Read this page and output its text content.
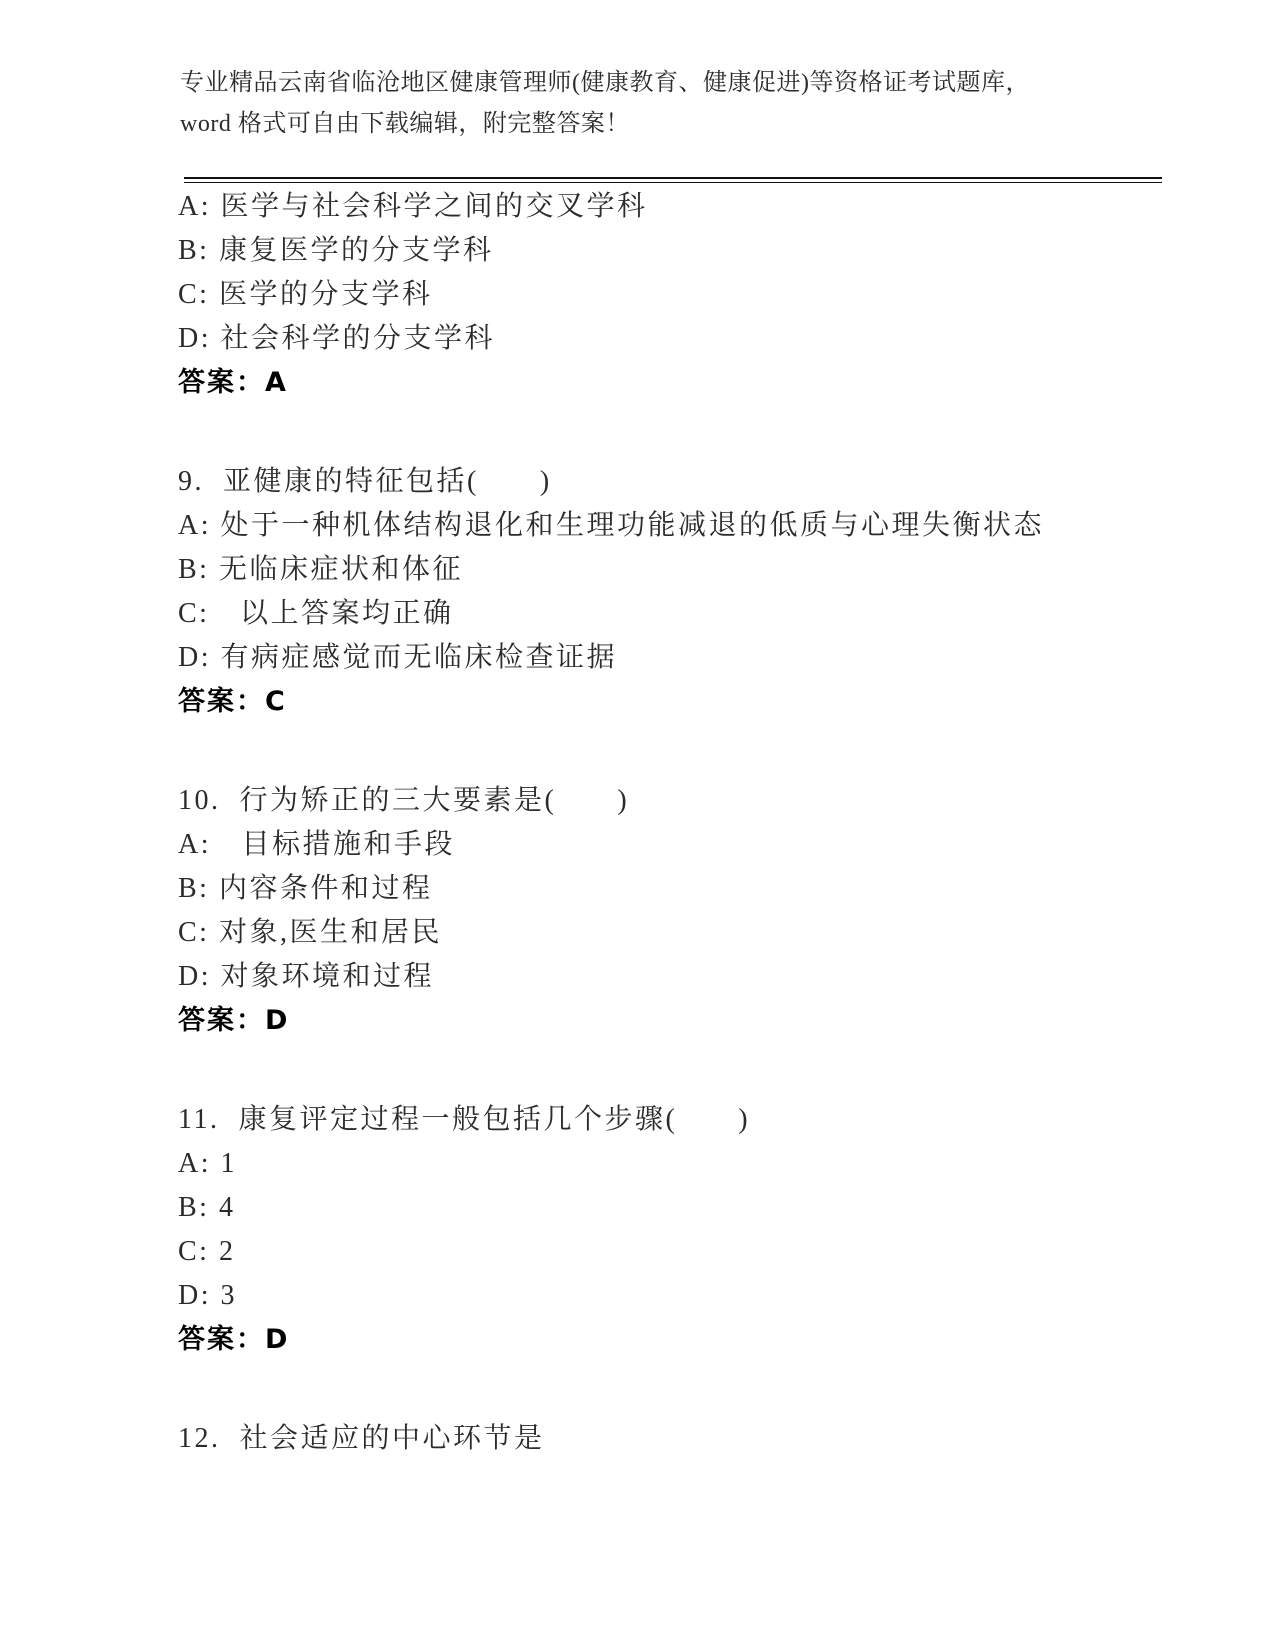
专业精品云南省临沧地区健康管理师(健康教育、健康促进)等资格证考试题库，word 格式可自由下载编辑，附完整答案！
A: 医学与社会科学之间的交叉学科
B: 康复医学的分支学科
C: 医学的分支学科
D: 社会科学的分支学科
答案：A
9.  亚健康的特征包括(　　)
A: 处于一种机体结构退化和生理功能减退的低质与心理失衡状态
B: 无临床症状和体征
C:　以上答案均正确
D: 有病症感觉而无临床检查证据
答案：C
10.  行为矫正的三大要素是(　　)
A:　目标措施和手段
B: 内容条件和过程
C: 对象,医生和居民
D: 对象环境和过程
答案：D
11.  康复评定过程一般包括几个步骤(　　)
A: 1
B: 4
C: 2
D: 3
答案：D
12.  社会适应的中心环节是
